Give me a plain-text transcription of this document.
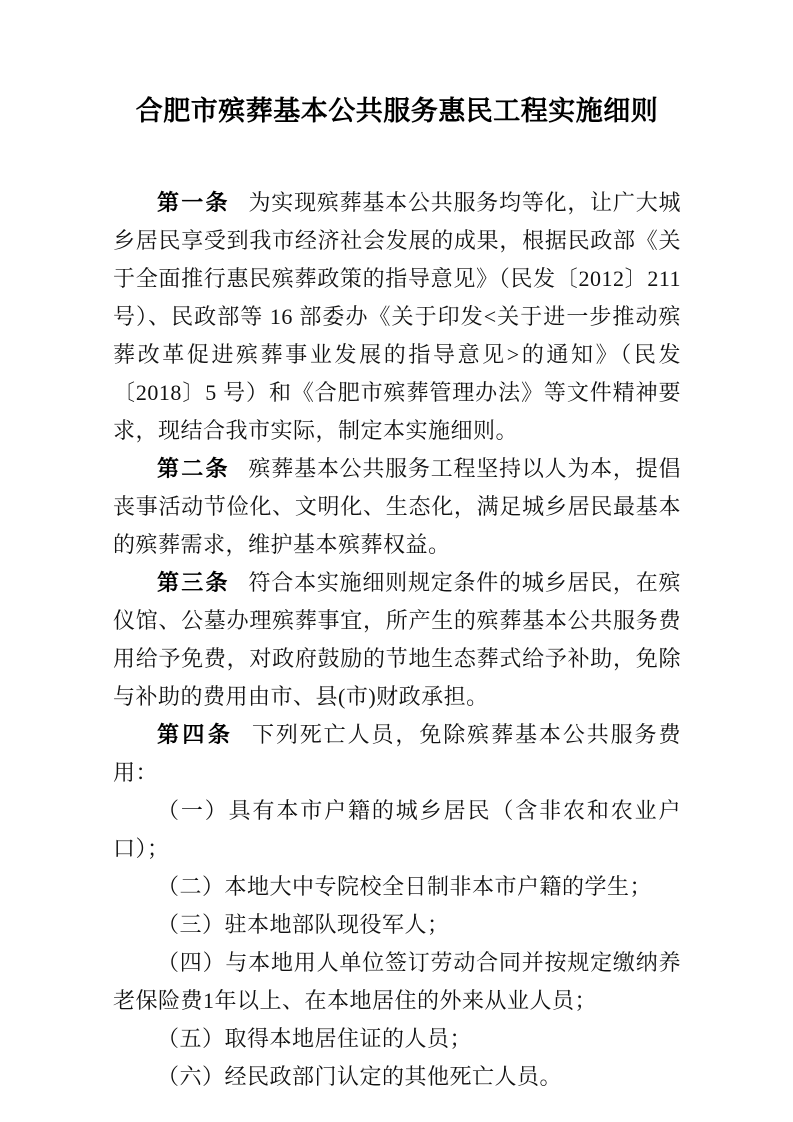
合肥市殡葬基本公共服务惠民工程实施细则

第一条 为实现殡葬基本公共服务均等化，让广大城乡居民享受到我市经济社会发展的成果，根据民政部《关于全面推行惠民殡葬政策的指导意见》（民发〔2012〕211 号）、民政部等 16 部委办《关于印发<关于进一步推动殡葬改革促进殡葬事业发展的指导意见>的通知》（民发〔2018〕5 号）和《合肥市殡葬管理办法》等文件精神要求，现结合我市实际，制定本实施细则。

第二条 殡葬基本公共服务工程坚持以人为本，提倡丧事活动节俭化、文明化、生态化，满足城乡居民最基本的殡葬需求，维护基本殡葬权益。

第三条 符合本实施细则规定条件的城乡居民，在殡仪馆、公墓办理殡葬事宜，所产生的殡葬基本公共服务费用给予免费，对政府鼓励的节地生态葬式给予补助，免除与补助的费用由市、县(市)财政承担。

第四条 下列死亡人员，免除殡葬基本公共服务费用：

（一）具有本市户籍的城乡居民（含非农和农业户口）；

（二）本地大中专院校全日制非本市户籍的学生；

（三）驻本地部队现役军人；

（四）与本地用人单位签订劳动合同并按规定缴纳养老保险费1年以上、在本地居住的外来从业人员；

（五）取得本地居住证的人员；

（六）经民政部门认定的其他死亡人员。
